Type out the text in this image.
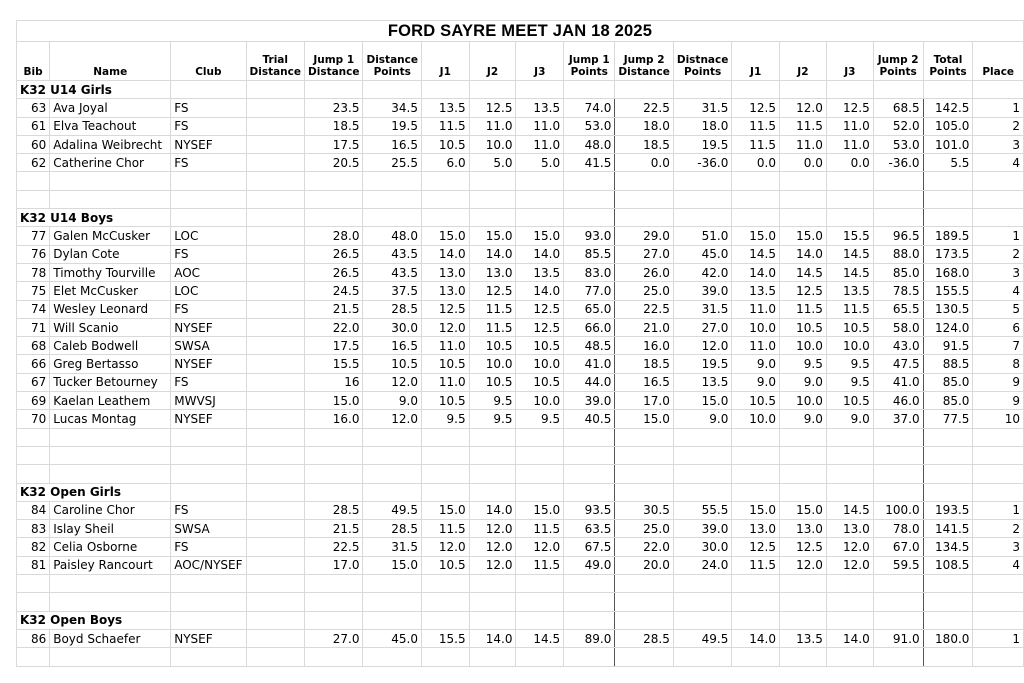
FORD SAYRE MEET JAN 18 2025																	
Bib	Name	Club	Trial Distance	Jump 1 Distance	Distance Points	J1	J2	J3	Jump 1 Points	Jump 2 Distance	Distnace Points	J1	J2	J3	Jump 2 Points	Total Points	Place
K32 U14 Girls																	
63	Ava Joyal	FS		23.5	34.5	13.5	12.5	13.5	74.0	22.5	31.5	12.5	12.0	12.5	68.5	142.5	1
61	Elva Teachout	FS		18.5	19.5	11.5	11.0	11.0	53.0	18.0	18.0	11.5	11.5	11.0	52.0	105.0	2
60	Adalina Weibrecht	NYSEF		17.5	16.5	10.5	10.0	11.0	48.0	18.5	19.5	11.5	11.0	11.0	53.0	101.0	3
62	Catherine Chor	FS		20.5	25.5	6.0	5.0	5.0	41.5	0.0	-36.0	0.0	0.0	0.0	-36.0	5.5	4

K32 U14 Boys																	
77	Galen McCusker	LOC		28.0	48.0	15.0	15.0	15.0	93.0	29.0	51.0	15.0	15.0	15.5	96.5	189.5	1
76	Dylan Cote	FS		26.5	43.5	14.0	14.0	14.0	85.5	27.0	45.0	14.5	14.0	14.5	88.0	173.5	2
78	Timothy Tourville	AOC		26.5	43.5	13.0	13.0	13.5	83.0	26.0	42.0	14.0	14.5	14.5	85.0	168.0	3
75	Elet McCusker	LOC		24.5	37.5	13.0	12.5	14.0	77.0	25.0	39.0	13.5	12.5	13.5	78.5	155.5	4
74	Wesley Leonard	FS		21.5	28.5	12.5	11.5	12.5	65.0	22.5	31.5	11.0	11.5	11.5	65.5	130.5	5
71	Will Scanio	NYSEF		22.0	30.0	12.0	11.5	12.5	66.0	21.0	27.0	10.0	10.5	10.5	58.0	124.0	6
68	Caleb Bodwell	SWSA		17.5	16.5	11.0	10.5	10.5	48.5	16.0	12.0	11.0	10.0	10.0	43.0	91.5	7
66	Greg Bertasso	NYSEF		15.5	10.5	10.5	10.0	10.0	41.0	18.5	19.5	9.0	9.5	9.5	47.5	88.5	8
67	Tucker Betourney	FS		16	12.0	11.0	10.5	10.5	44.0	16.5	13.5	9.0	9.0	9.5	41.0	85.0	9
69	Kaelan Leathem	MWVSJ		15.0	9.0	10.5	9.5	10.0	39.0	17.0	15.0	10.5	10.0	10.5	46.0	85.0	9
70	Lucas Montag	NYSEF		16.0	12.0	9.5	9.5	9.5	40.5	15.0	9.0	10.0	9.0	9.0	37.0	77.5	10

K32 Open Girls																	
84	Caroline Chor	FS		28.5	49.5	15.0	14.0	15.0	93.5	30.5	55.5	15.0	15.0	14.5	100.0	193.5	1
83	Islay Sheil	SWSA		21.5	28.5	11.5	12.0	11.5	63.5	25.0	39.0	13.0	13.0	13.0	78.0	141.5	2
82	Celia Osborne	FS		22.5	31.5	12.0	12.0	12.0	67.5	22.0	30.0	12.5	12.5	12.0	67.0	134.5	3
81	Paisley Rancourt	AOC/NYSEF		17.0	15.0	10.5	12.0	11.5	49.0	20.0	24.0	11.5	12.0	12.0	59.5	108.5	4

K32 Open Boys																	
86	Boyd Schaefer	NYSEF		27.0	45.0	15.5	14.0	14.5	89.0	28.5	49.5	14.0	13.5	14.0	91.0	180.0	1
